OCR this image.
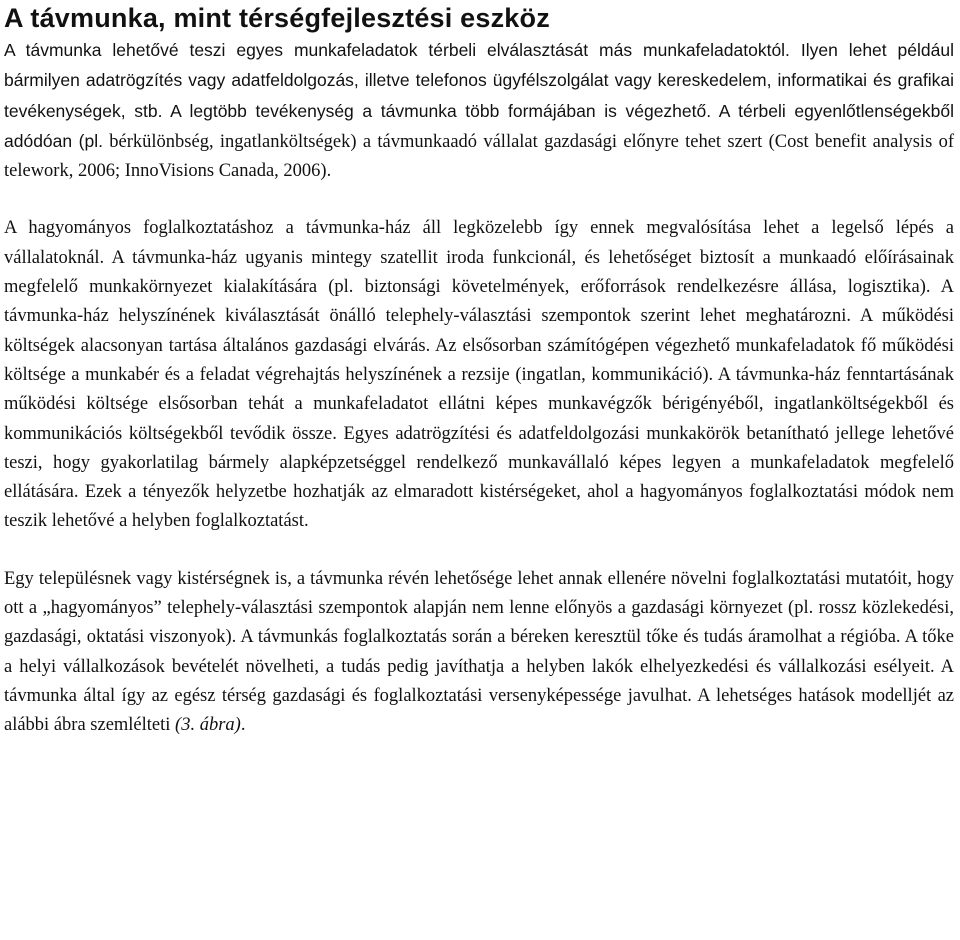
A távmunka, mint térségfejlesztési eszköz

A távmunka lehetővé teszi egyes munkafeladatok térbeli elválasztását más munkafeladatoktól. Ilyen lehet például bármilyen adatrögzítés vagy adatfeldolgozás, illetve telefonos ügyfélszolgálat vagy kereskedelem, informatikai és grafikai tevékenységek, stb. A legtöbb tevékenység a távmunka több formájában is végezhető. A térbeli egyenlőtlenségekből adódóan (pl. bérkülönbség, ingatlanköltségek) a távmunkaadó vállalat gazdasági előnyre tehet szert (Cost benefit analysis of telework, 2006; InnoVisions Canada, 2006).

A hagyományos foglalkoztatáshoz a távmunka-ház áll legközelebb így ennek megvalósítása lehet a legelső lépés a vállalatoknál. A távmunka-ház ugyanis mintegy szatellit iroda funkcionál, és lehetőséget biztosít a munkaadó előírásainak megfelelő munkakörnyezet kialakítására (pl. biztonsági követelmények, erőforrások rendelkezésre állása, logisztika). A távmunka-ház helyszínének kiválasztását önálló telephely-választási szempontok szerint lehet meghatározni. A működési költségek alacsonyan tartása általános gazdasági elvárás. Az elsősorban számítógépen végezhető munkafeladatok fő működési költsége a munkabér és a feladat végrehajtás helyszínének a rezsije (ingatlan, kommunikáció). A távmunka-ház fenntartásának működési költsége elsősorban tehát a munkafeladatot ellátni képes munkavégzők bérigényéből, ingatlanköltségekből és kommunikációs költségekből tevődik össze. Egyes adatrögzítési és adatfeldolgozási munkakörök betanítható jellege lehetővé teszi, hogy gyakorlatilag bármely alapképzetséggel rendelkező munkavállaló képes legyen a munkafeladatok megfelelő ellátására. Ezek a tényezők helyzetbe hozhatják az elmaradott kistérségeket, ahol a hagyományos foglalkoztatási módok nem teszik lehetővé a helyben foglalkoztatást.

Egy településnek vagy kistérségnek is, a távmunka révén lehetősége lehet annak ellenére növelni foglalkoztatási mutatóit, hogy ott a „hagyományos” telephely-választási szempontok alapján nem lenne előnyös a gazdasági környezet (pl. rossz közlekedési, gazdasági, oktatási viszonyok). A távmunkás foglalkoztatás során a béreken keresztül tőke és tudás áramolhat a régióba. A tőke a helyi vállalkozások bevételét növelheti, a tudás pedig javíthatja a helyben lakók elhelyezkedési és vállalkozási esélyeit. A távmunka által így az egész térség gazdasági és foglalkoztatási versenyképessége javulhat. A lehetséges hatások modelljét az alábbi ábra szemlélteti (3. ábra).
